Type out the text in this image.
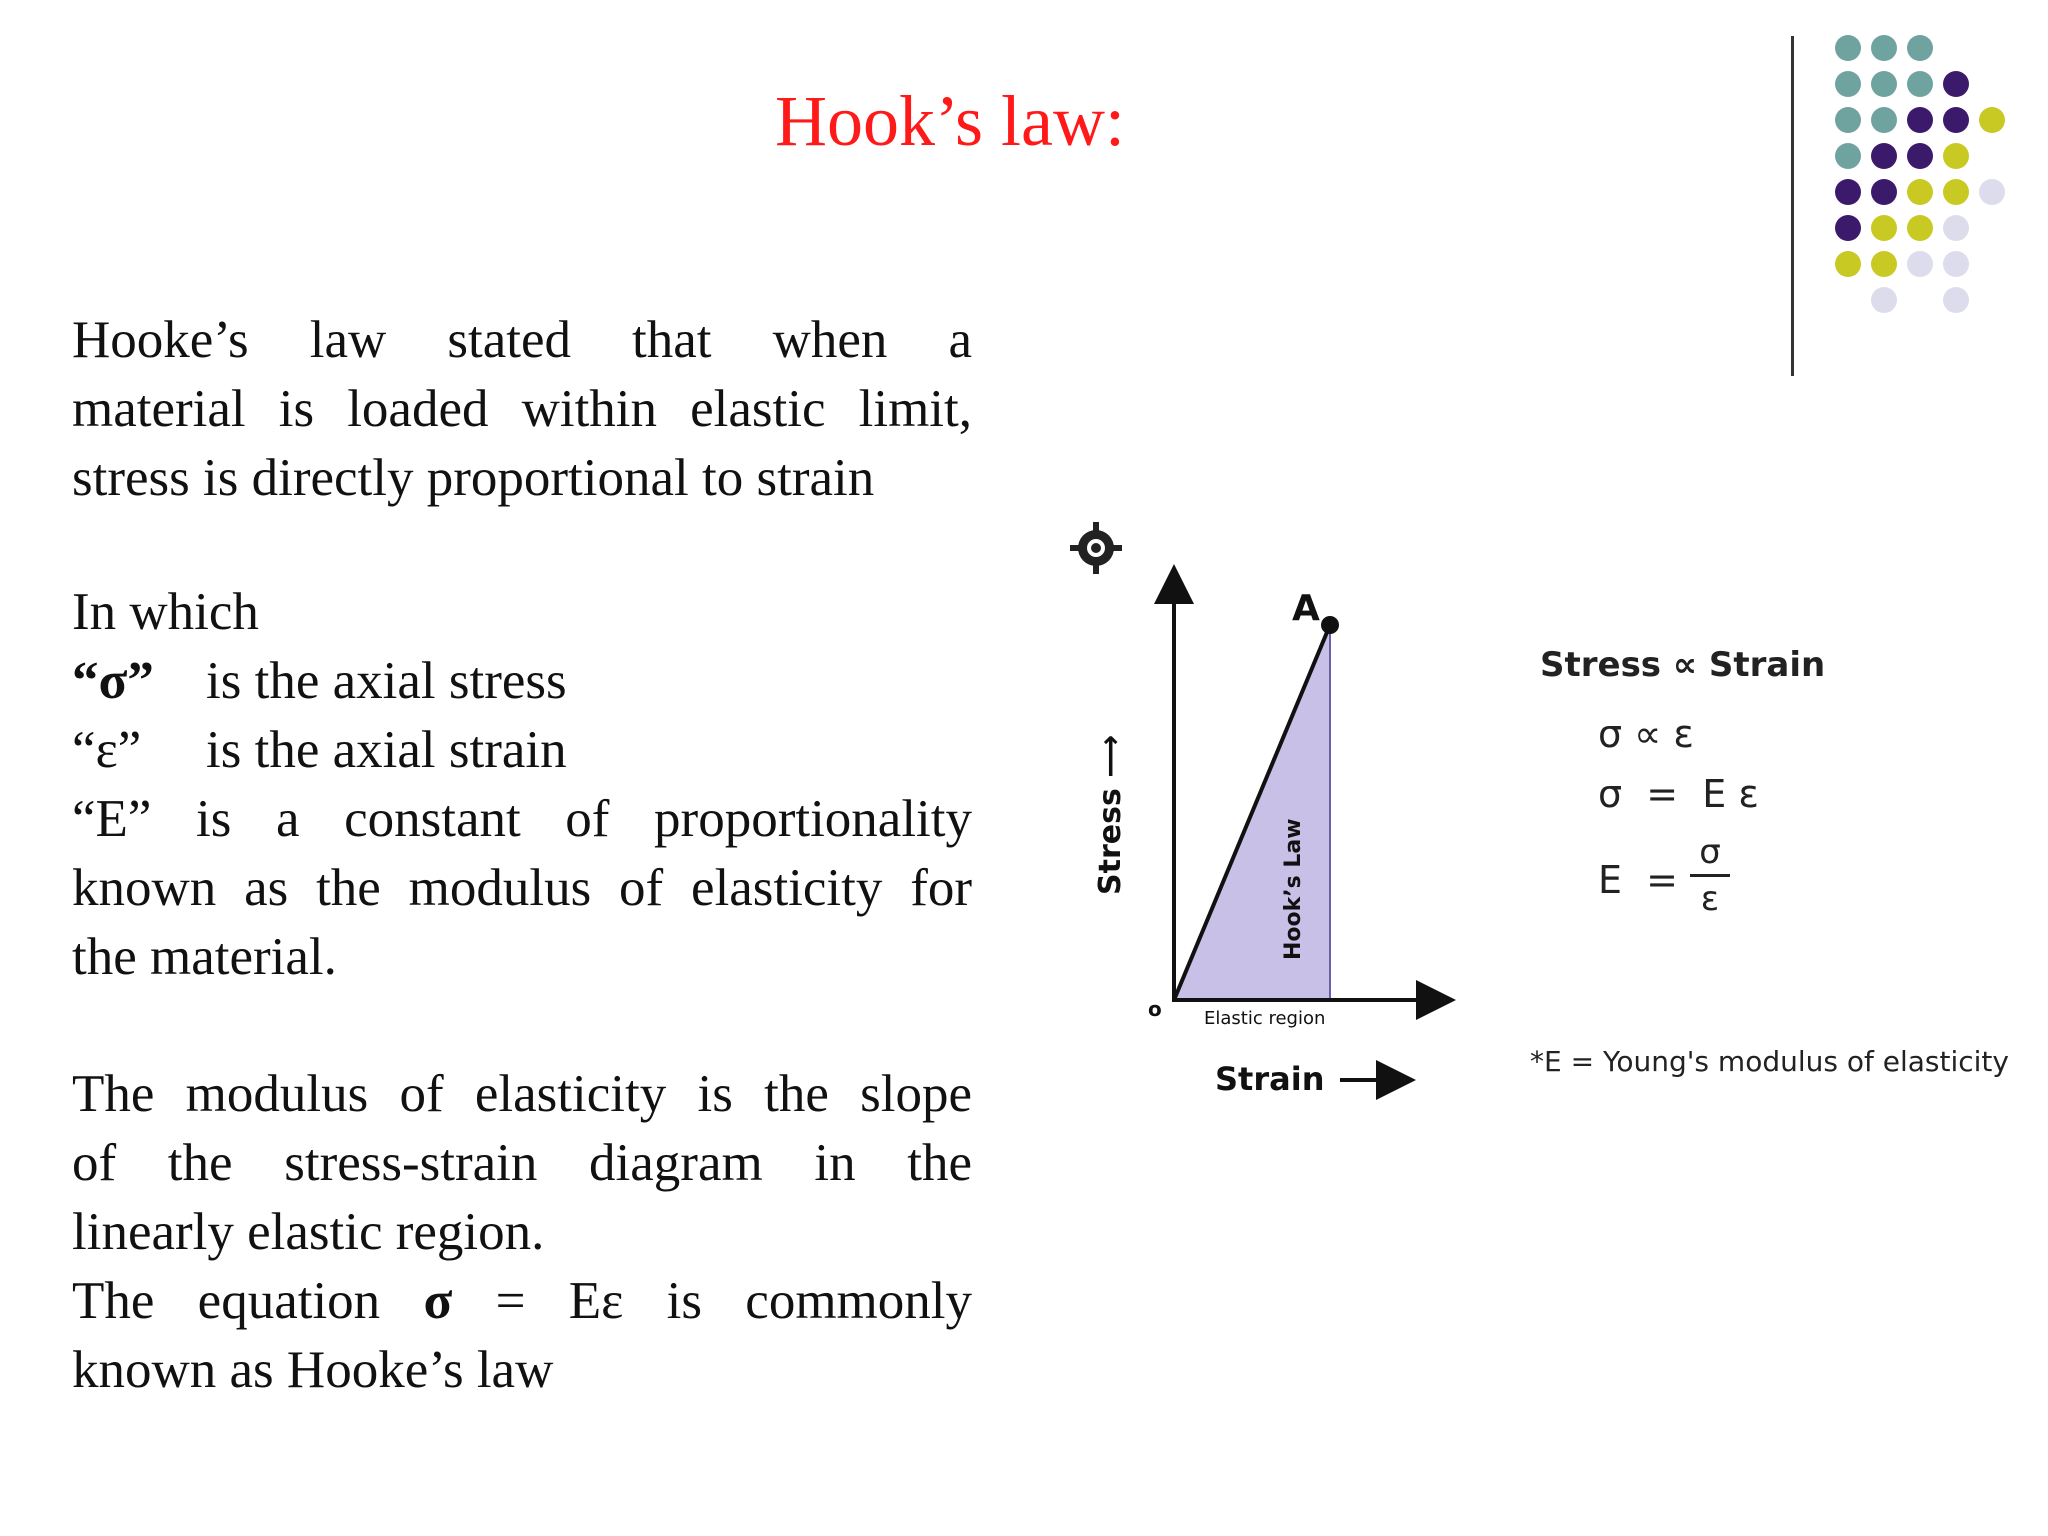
Hook’s law:
Hooke’s law stated that when a
material is loaded within elastic limit,
stress is directly proportional to strain
In which
“σ” is the axial stress
“ε” is the axial strain
“E” is a constant of proportionality
known as the modulus of elasticity for
the material.
The modulus of elasticity is the slope
of the stress-strain diagram in the
linearly elastic region.
The equation σ = Eε is commonly
known as Hooke’s law
A
o Elastic region
Hook’s Law
Stress ⟶
Strain
Stress ∝ Strain
σ ∝ ε
σ  =  E ε
E  =
σ
ε
*E = Young's modulus of elasticity
